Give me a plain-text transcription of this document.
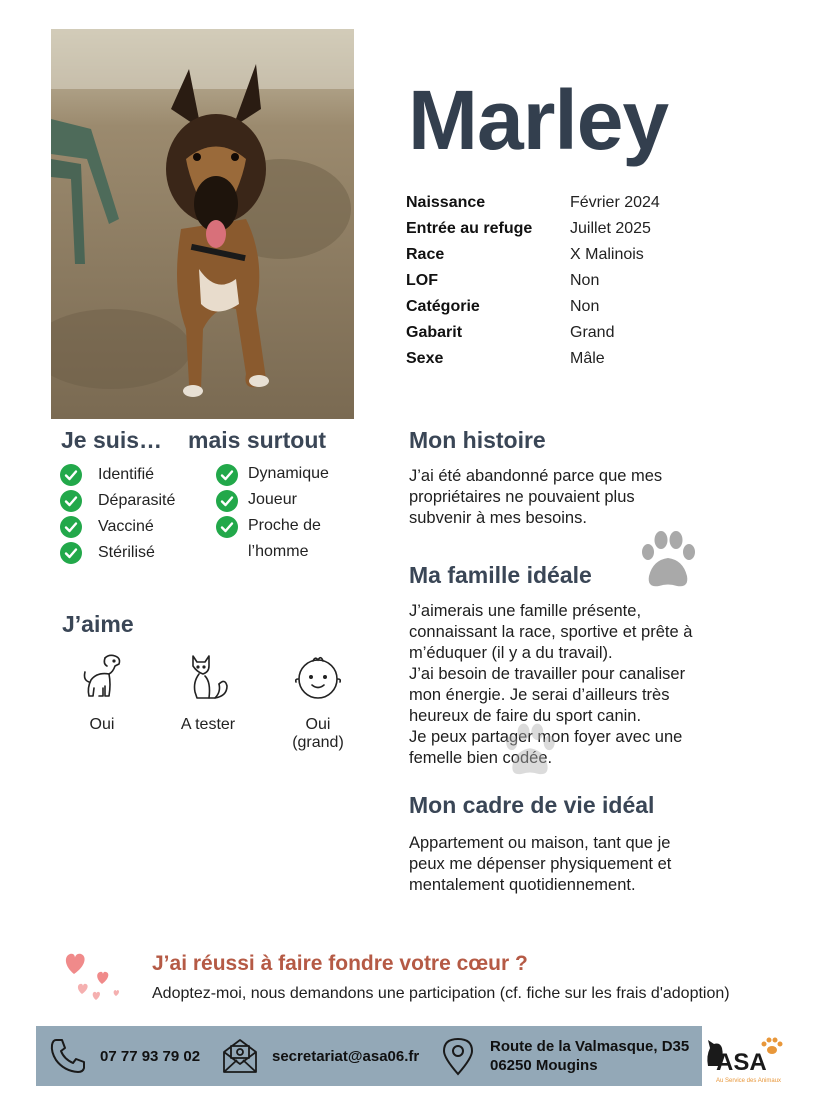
Marley
Naissance	Février 2024
Entrée au refuge	Juillet 2025
Race	X Malinois
LOF	Non
Catégorie	Non
Gabarit	Grand
Sexe	Mâle
Je suis… mais surtout
J’aime
Mon histoire
Ma famille idéale
Mon cadre de vie idéal
Identifié
Déparasité
Vacciné
Stérilisé
Dynamique
Joueur
Proche de
l’homme
Oui	A tester	Oui
(grand)
J’ai été abandonné parce que mes
propriétaires ne pouvaient plus
subvenir à mes besoins.
J’aimerais une famille présente,
connaissant la race, sportive et prête à
m’éduquer (il y a du travail).
J’ai besoin de travailler pour canaliser
mon énergie. Je serai d’ailleurs très
heureux de faire du sport canin.
Je peux partager mon foyer avec une
femelle bien
Appartement ou maison, tant que je
peux me dépenser physiquement et
mentalement quotidiennement.
J’ai réussi à faire fondre votre cœur ?
Adoptez-moi, nous demandons une participation (cf. fiche sur les frais d'adoption)
07 77 93 79 02	secretariat@asa06.fr
Route de la Valmasque, D35
06250 Mougins	ASA
Au Service des Animaux
